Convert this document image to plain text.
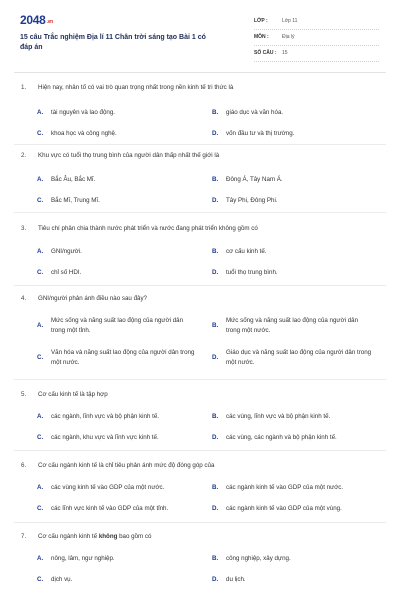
2048.vn
15 câu Trắc nghiệm Địa lí 11 Chân trời sáng tạo Bài 1 có đáp án
LỚP :	Lớp 11
MÔN :	Địa lý
SỐ CÂU :	15
1. Hiện nay, nhân tố có vai trò quan trọng nhất trong nền kinh tế tri thức là
A.	tài nguyên và lao động.	B.	giáo dục và văn hóa.
C.	khoa học và công nghệ.	D.	vốn đầu tư và thị trường.
2. Khu vực có tuổi thọ trung bình của người dân thấp nhất thế giới là
A.	Bắc Âu, Bắc Mĩ.	B.	Đông Á, Tây Nam Á.
C.	Bắc Mĩ, Trung Mĩ.	D.	Tây Phi, Đông Phi.
3. Tiêu chí phân chia thành nước phát triển và nước đang phát triển không gồm có
A.	GNI/người.	B.	cơ cấu kinh tế.
C.	chỉ số HDI.	D.	tuổi thọ trung bình.
4. GNI/người phản ánh điều nào sau đây?
A.
Mức sống và năng suất lao động của người dân trong một tỉnh.
B.
Mức sống và năng suất lao động của người dân trong một nước.
C.
Văn hóa và năng suất lao động của người dân trong một nước.
D.
Giáo dục và năng suất lao động của người dân trong một nước.
5. Cơ cấu kinh tế là tập hợp
A.	các ngành, lĩnh vực và bộ phận kinh tế.	B.	các vùng, lĩnh vực và bộ phận kinh tế.
C.	các ngành, khu vực và lĩnh vực kinh tế.	D.	các vùng, các ngành và bộ phận kinh tế.
6. Cơ cấu ngành kinh tế là chỉ tiêu phản ánh mức độ đóng góp của
A.	các vùng kinh tế vào GDP của một nước.	B.	các ngành kinh tế vào GDP của một nước.
C.	các lĩnh vực kinh tế vào GDP của một tỉnh.	D.	các ngành kinh tế vào GDP của một vùng.
7. Cơ cấu ngành kinh tế không bao gồm có
A.	nông, lâm, ngư nghiệp.	B.	công nghiệp, xây dựng.
C.	dịch vụ.	D.	du lịch.
